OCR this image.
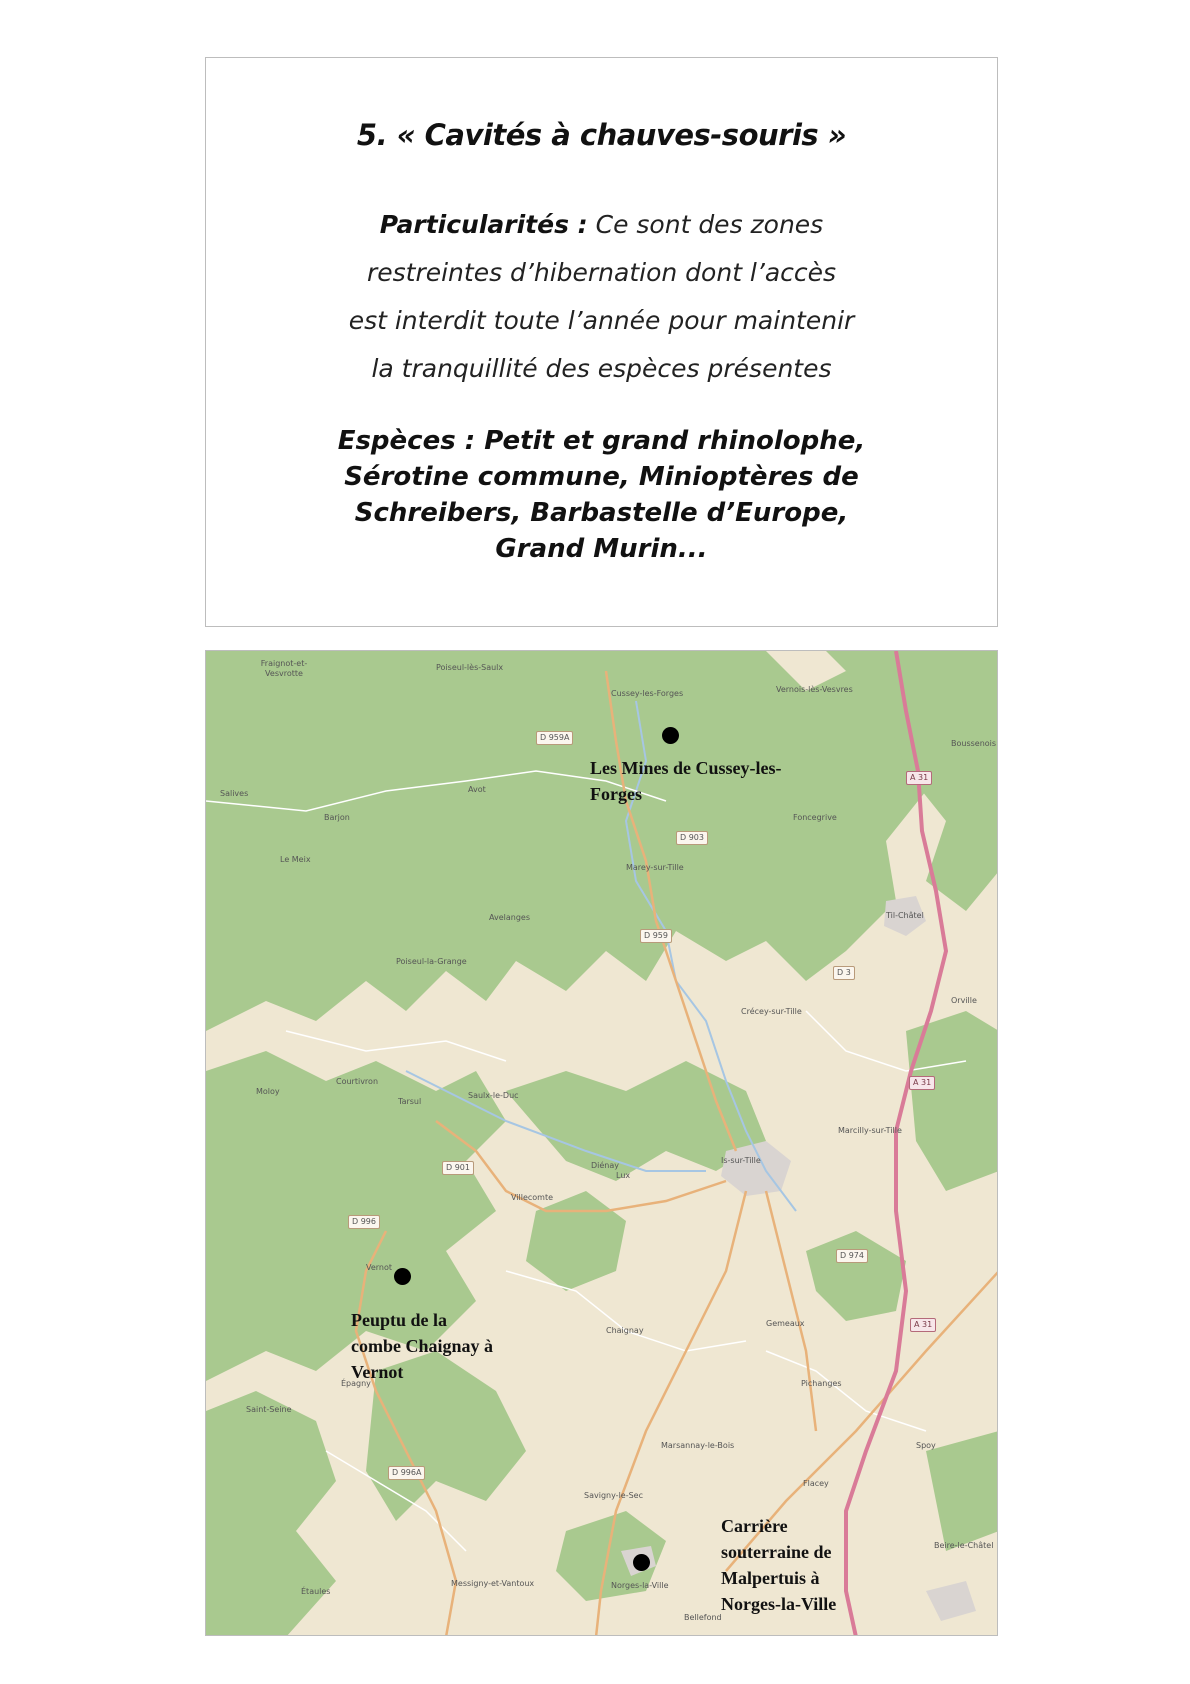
5. « Cavités à chauves-souris »
Particularités : Ce sont des zones restreintes d’hibernation dont l’accès est interdit toute l’année pour maintenir la tranquillité des espèces présentes
Espèces : Petit et grand rhinolophe, Sérotine commune, Minioptères de Schreibers, Barbastelle d’Europe, Grand Murin...
Fraignot-et-Vesvrotte
Poiseul-lès-Saulx
Cussey-les-Forges	Vernois-lès-Vesvres
Boussenois
Salives
Barjon
Avot
Le Meix
Marey-sur-Tille
Foncegrive
Avelanges
Poiseul-la-Grange
Is-sur-Tille
Til-Châtel
Crécey-sur-Tille
Courtivron
Moloy
Tarsul
Saulx-le-Duc
Diénay
Lux
Villecomte
Marcilly-sur-Tille
Vernot
Épagny
Chaignay
Gemeaux
Savigny-le-Sec
Messigny-et-Vantoux	Norges-la-Ville
Bellefond
Étaules
Saint-Seine
Marsannay-le-Bois
Flacey
Pichanges
Spoy
Orville
Beire-le-Châtel
D 959
D 901
D 996
D 974
D 959A
A 31
A 31
A 31
D 903
D 3
D 996A
Les Mines de Cussey-les-Forges
Peuptu de la combe Chaignay à Vernot
Carrière souterraine de Malpertuis à Norges-la-Ville
